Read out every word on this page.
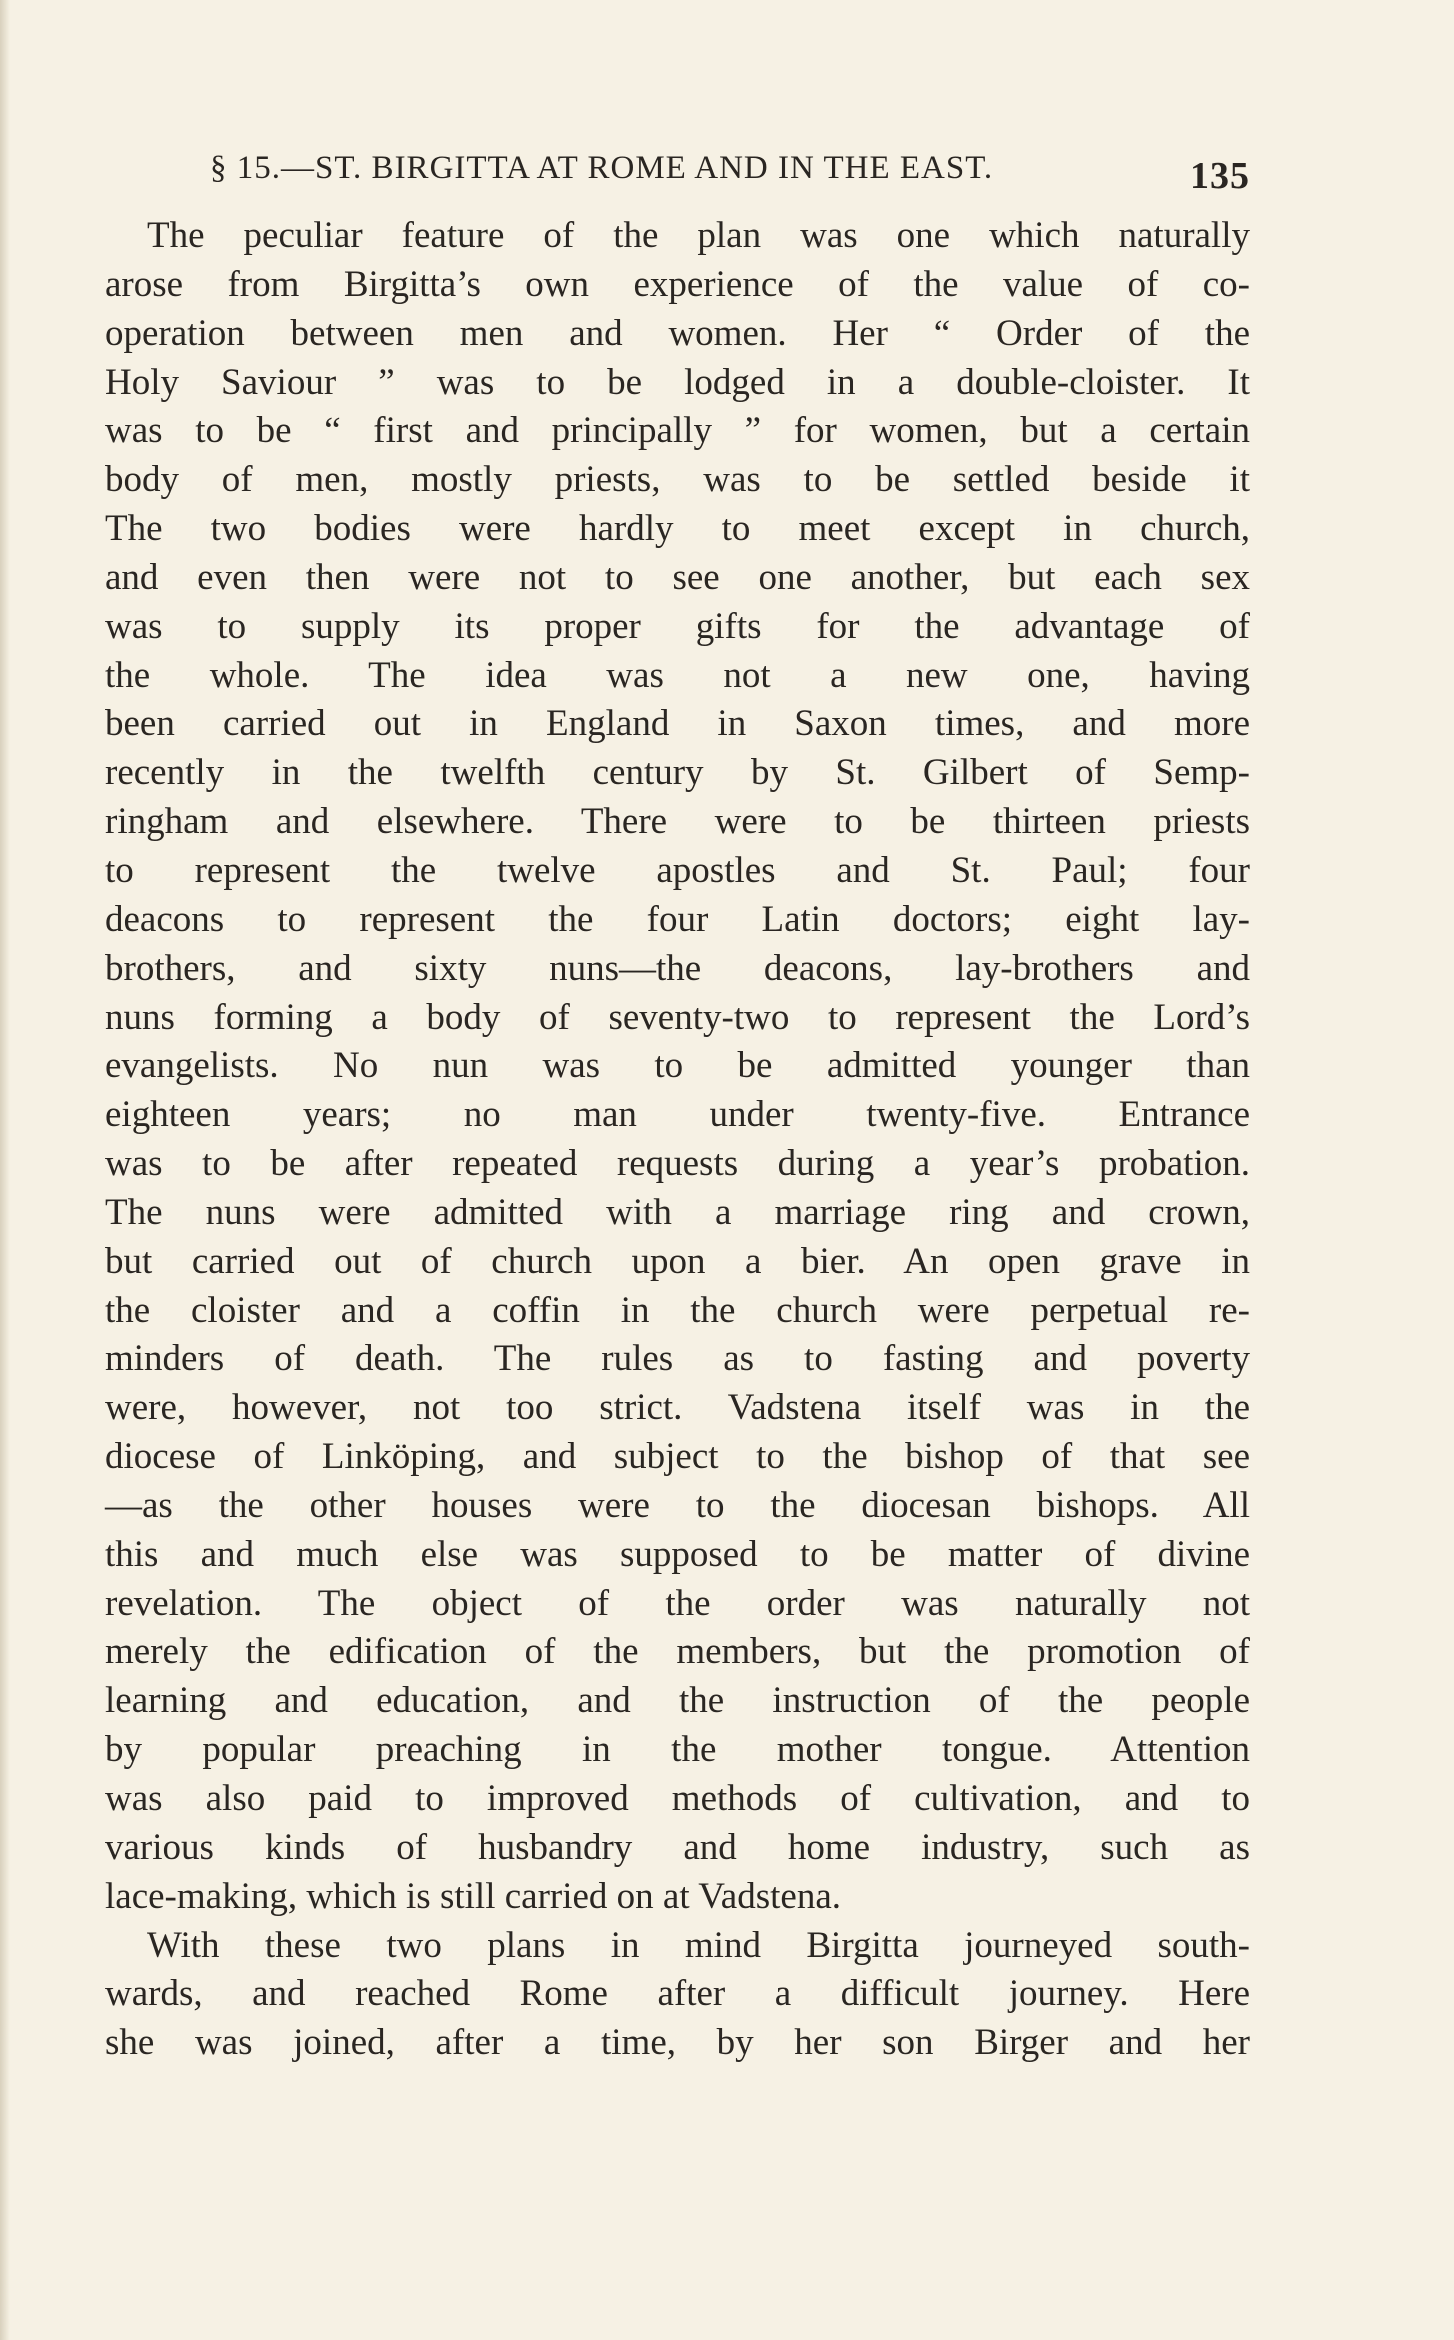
§ 15.—ST. BIRGITTA AT ROME AND IN THE EAST.	135
The peculiar feature of the plan was one which naturally
arose from Birgitta’s own experience of the value of co-
operation between men and women. Her “ Order of the
Holy Saviour ” was to be lodged in a double-cloister. It
was to be “ first and principally ” for women, but a certain
body of men, mostly priests, was to be settled beside it
The two bodies were hardly to meet except in church,
and even then were not to see one another, but each sex
was to supply its proper gifts for the advantage of
the whole. The idea was not a new one, having
been carried out in England in Saxon times, and more
recently in the twelfth century by St. Gilbert of Semp-
ringham and elsewhere. There were to be thirteen priests
to represent the twelve apostles and St. Paul; four
deacons to represent the four Latin doctors; eight lay-
brothers, and sixty nuns—the deacons, lay-brothers and
nuns forming a body of seventy-two to represent the Lord’s
evangelists. No nun was to be admitted younger than
eighteen years; no man under twenty-five. Entrance
was to be after repeated requests during a year’s probation.
The nuns were admitted with a marriage ring and crown,
but carried out of church upon a bier. An open grave in
the cloister and a coffin in the church were perpetual re-
minders of death. The rules as to fasting and poverty
were, however, not too strict. Vadstena itself was in the
diocese of Linköping, and subject to the bishop of that see
—as the other houses were to the diocesan bishops. All
this and much else was supposed to be matter of divine
revelation. The object of the order was naturally not
merely the edification of the members, but the promotion of
learning and education, and the instruction of the people
by popular preaching in the mother tongue. Attention
was also paid to improved methods of cultivation, and to
various kinds of husbandry and home industry, such as
lace-making, which is still carried on at Vadstena.
With these two plans in mind Birgitta journeyed south-
wards, and reached Rome after a difficult journey. Here
she was joined, after a time, by her son Birger and her
